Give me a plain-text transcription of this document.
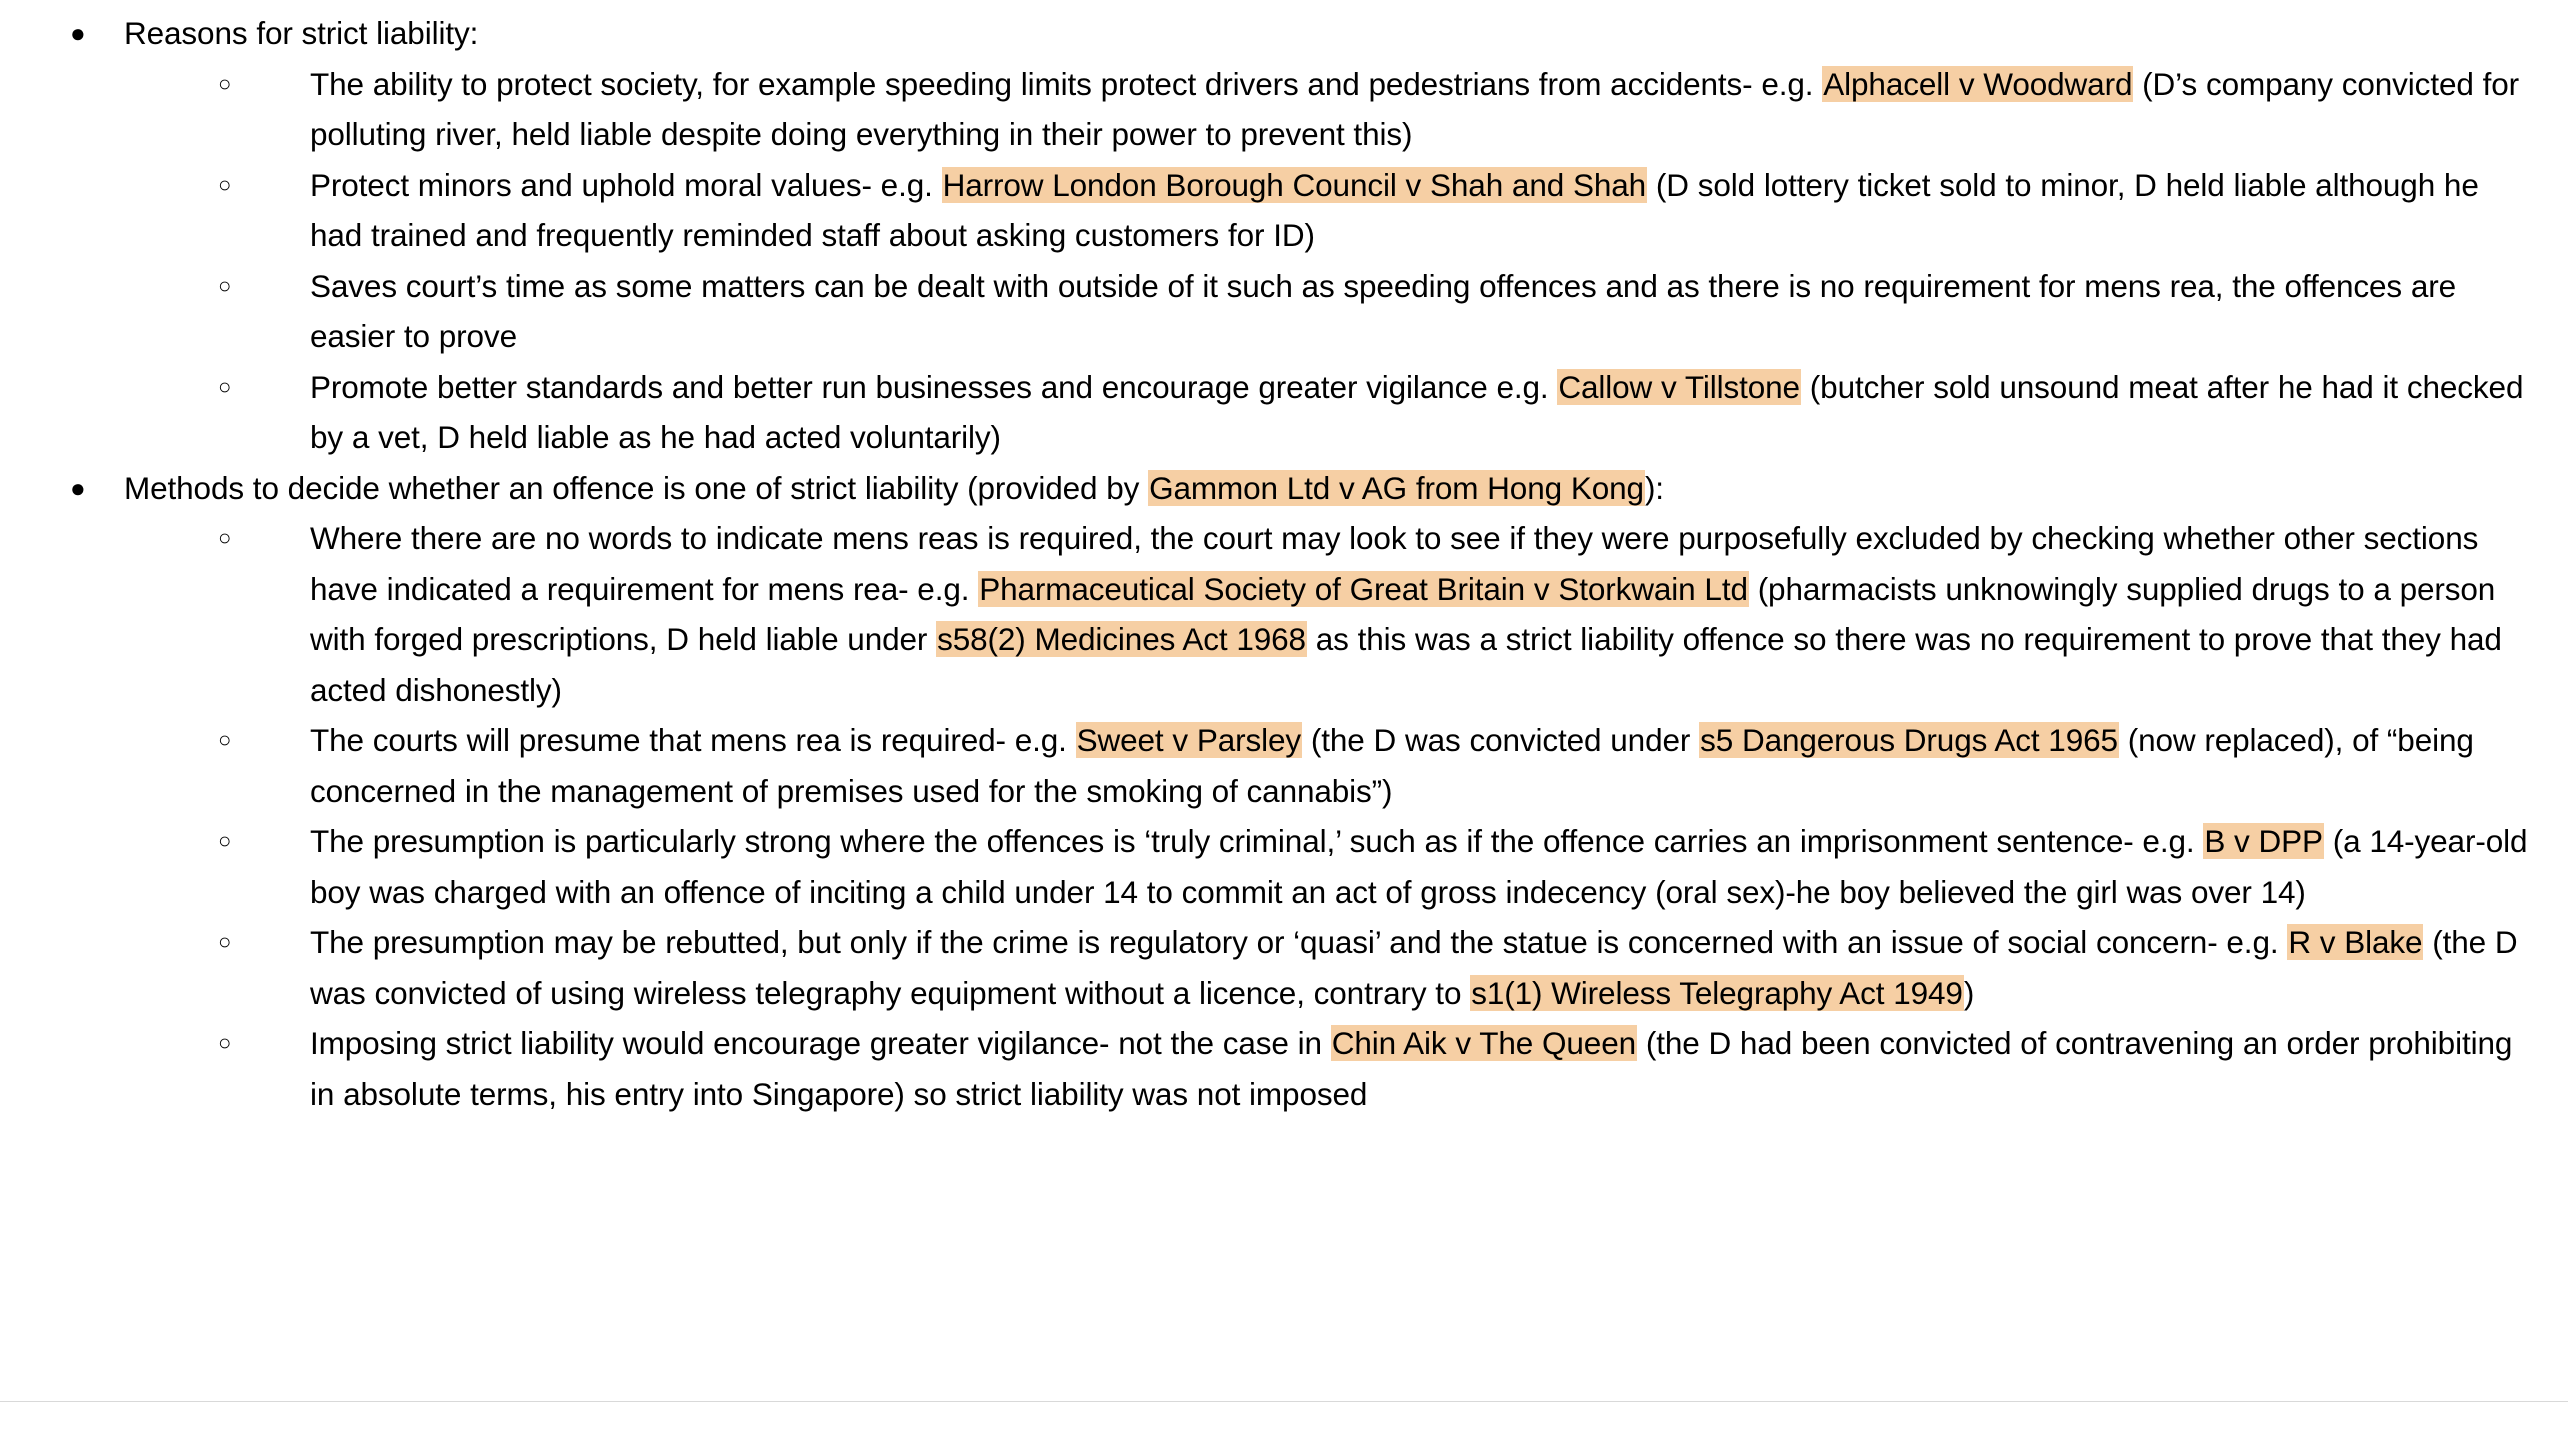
● Reasons for strict liability:
○	The ability to protect society, for example speeding limits protect drivers and pedestrians from accidents- e.g. Alphacell v Woodward (D’s company convicted for polluting river, held liable despite doing everything in their power to prevent this)
○	Protect minors and uphold moral values- e.g. Harrow London Borough Council v Shah and Shah (D sold lottery ticket sold to minor, D held liable although he had trained and frequently reminded staff about asking customers for ID)
○	Saves court’s time as some matters can be dealt with outside of it such as speeding offences and as there is no requirement for mens rea, the offences are easier to prove
○	Promote better standards and better run businesses and encourage greater vigilance e.g. Callow v Tillstone (butcher sold unsound meat after he had it checked by a vet, D held liable as he had acted voluntarily)
● Methods to decide whether an offence is one of strict liability (provided by Gammon Ltd v AG from Hong Kong):
○	Where there are no words to indicate mens reas is required, the court may look to see if they were purposefully excluded by checking whether other sections have indicated a requirement for mens rea- e.g. Pharmaceutical Society of Great Britain v Storkwain Ltd (pharmacists unknowingly supplied drugs to a person with forged prescriptions, D held liable under s58(2) Medicines Act 1968 as this was a strict liability offence so there was no requirement to prove that they had acted dishonestly)
○	The courts will presume that mens rea is required- e.g. Sweet v Parsley (the D was convicted under s5 Dangerous Drugs Act 1965 (now replaced), of “being concerned in the management of premises used for the smoking of cannabis”)
○	The presumption is particularly strong where the offences is ‘truly criminal,’ such as if the offence carries an imprisonment sentence- e.g. B v DPP (a 14-year-old boy was charged with an offence of inciting a child under 14 to commit an act of gross indecency (oral sex)-he boy believed the girl was over 14)
○	The presumption may be rebutted, but only if the crime is regulatory or ‘quasi’ and the statue is concerned with an issue of social concern- e.g. R v Blake (the D was convicted of using wireless telegraphy equipment without a licence, contrary to s1(1) Wireless Telegraphy Act 1949)
○	Imposing strict liability would encourage greater vigilance- not the case in Chin Aik v The Queen (the D had been convicted of contravening an order prohibiting in absolute terms, his entry into Singapore) so strict liability was not imposed
